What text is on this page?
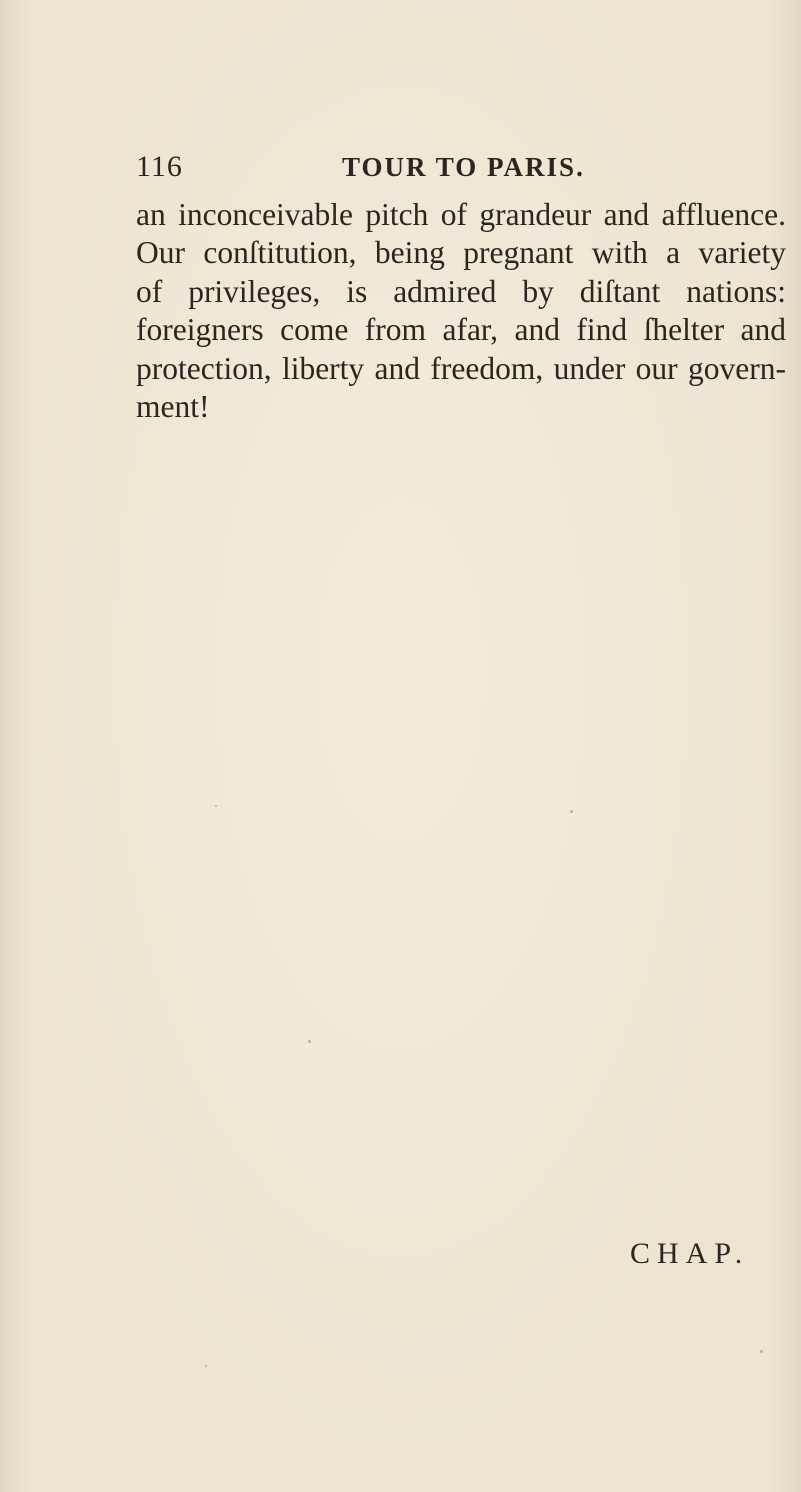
116	TOUR TO PARIS.
an inconceivable pitch of grandeur and affluence.
Our conſtitution, being pregnant with a variety
of privileges, is admired by diſtant nations:
foreigners come from afar, and find ſhelter and
protection, liberty and freedom, under our govern-
ment!
CHAP.
